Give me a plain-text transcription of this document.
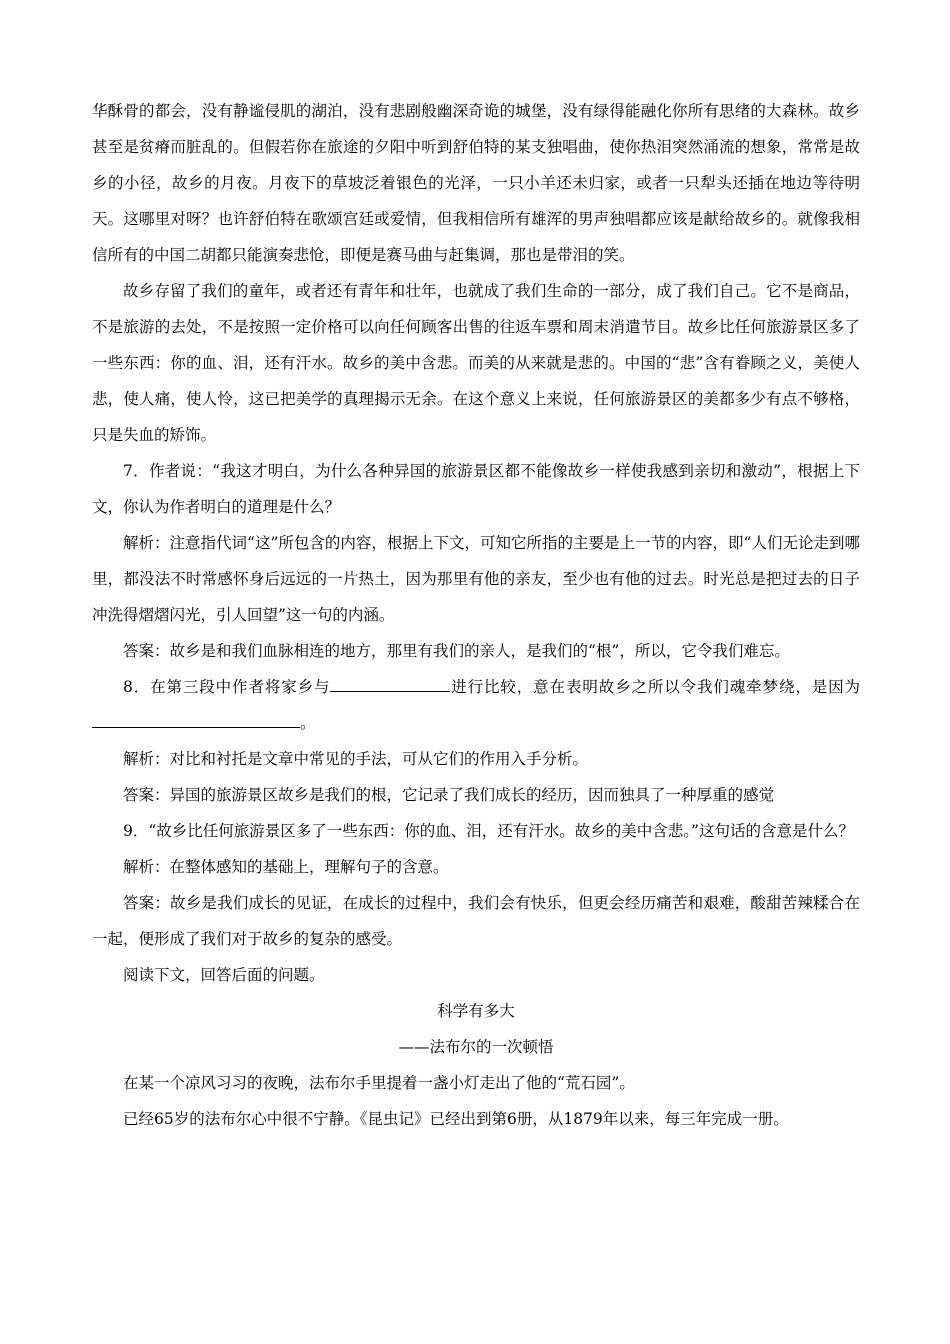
华酥骨的都会，没有静谧侵肌的湖泊，没有悲剧般幽深奇诡的城堡，没有绿得能融化你所有思绪的大森林。故乡甚至是贫瘠而脏乱的。但假若你在旅途的夕阳中听到舒伯特的某支独唱曲，使你热泪突然涌流的想象，常常是故乡的小径，故乡的月夜。月夜下的草坡泛着银色的光泽，一只小羊还未归家，或者一只犁头还插在地边等待明天。这哪里对呀？也许舒伯特在歌颂宫廷或爱情，但我相信所有雄浑的男声独唱都应该是献给故乡的。就像我相信所有的中国二胡都只能演奏悲怆，即便是赛马曲与赶集调，那也是带泪的笑。

故乡存留了我们的童年，或者还有青年和壮年，也就成了我们生命的一部分，成了我们自己。它不是商品，不是旅游的去处，不是按照一定价格可以向任何顾客出售的往返车票和周末消遣节目。故乡比任何旅游景区多了一些东西：你的血、泪，还有汗水。故乡的美中含悲。而美的从来就是悲的。中国的“悲”含有眷顾之义，美使人悲，使人痛，使人怜，这已把美学的真理揭示无余。在这个意义上来说，任何旅游景区的美都多少有点不够格，只是失血的矫饰。

7．作者说：“我这才明白，为什么各种异国的旅游景区都不能像故乡一样使我感到亲切和激动”，根据上下文，你认为作者明白的道理是什么？

解析：注意指代词“这”所包含的内容，根据上下文，可知它所指的主要是上一节的内容，即“人们无论走到哪里，都没法不时常感怀身后远远的一片热土，因为那里有他的亲友，至少也有他的过去。时光总是把过去的日子冲洗得熠熠闪光，引人回望”这一句的内涵。

答案：故乡是和我们血脉相连的地方，那里有我们的亲人，是我们的“根”，所以，它令我们难忘。

8．在第三段中作者将家乡与	进行比较，意在表明故乡之所以令我们魂牵梦绕，是因为。

解析：对比和衬托是文章中常见的手法，可从它们的作用入手分析。

答案：异国的旅游景区故乡是我们的根，它记录了我们成长的经历，因而独具了一种厚重的感觉

9．“故乡比任何旅游景区多了一些东西：你的血、泪，还有汗水。故乡的美中含悲。”这句话的含意是什么？

解析：在整体感知的基础上，理解句子的含意。

答案：故乡是我们成长的见证，在成长的过程中，我们会有快乐，但更会经历痛苦和艰难，酸甜苦辣糅合在一起，便形成了我们对于故乡的复杂的感受。

阅读下文，回答后面的问题。

科学有多大

——法布尔的一次顿悟

在某一个凉风习习的夜晚，法布尔手里提着一盏小灯走出了他的“荒石园”。

已经65岁的法布尔心中很不宁静。《昆虫记》已经出到第6册，从1879年以来，每三年完成一册。
